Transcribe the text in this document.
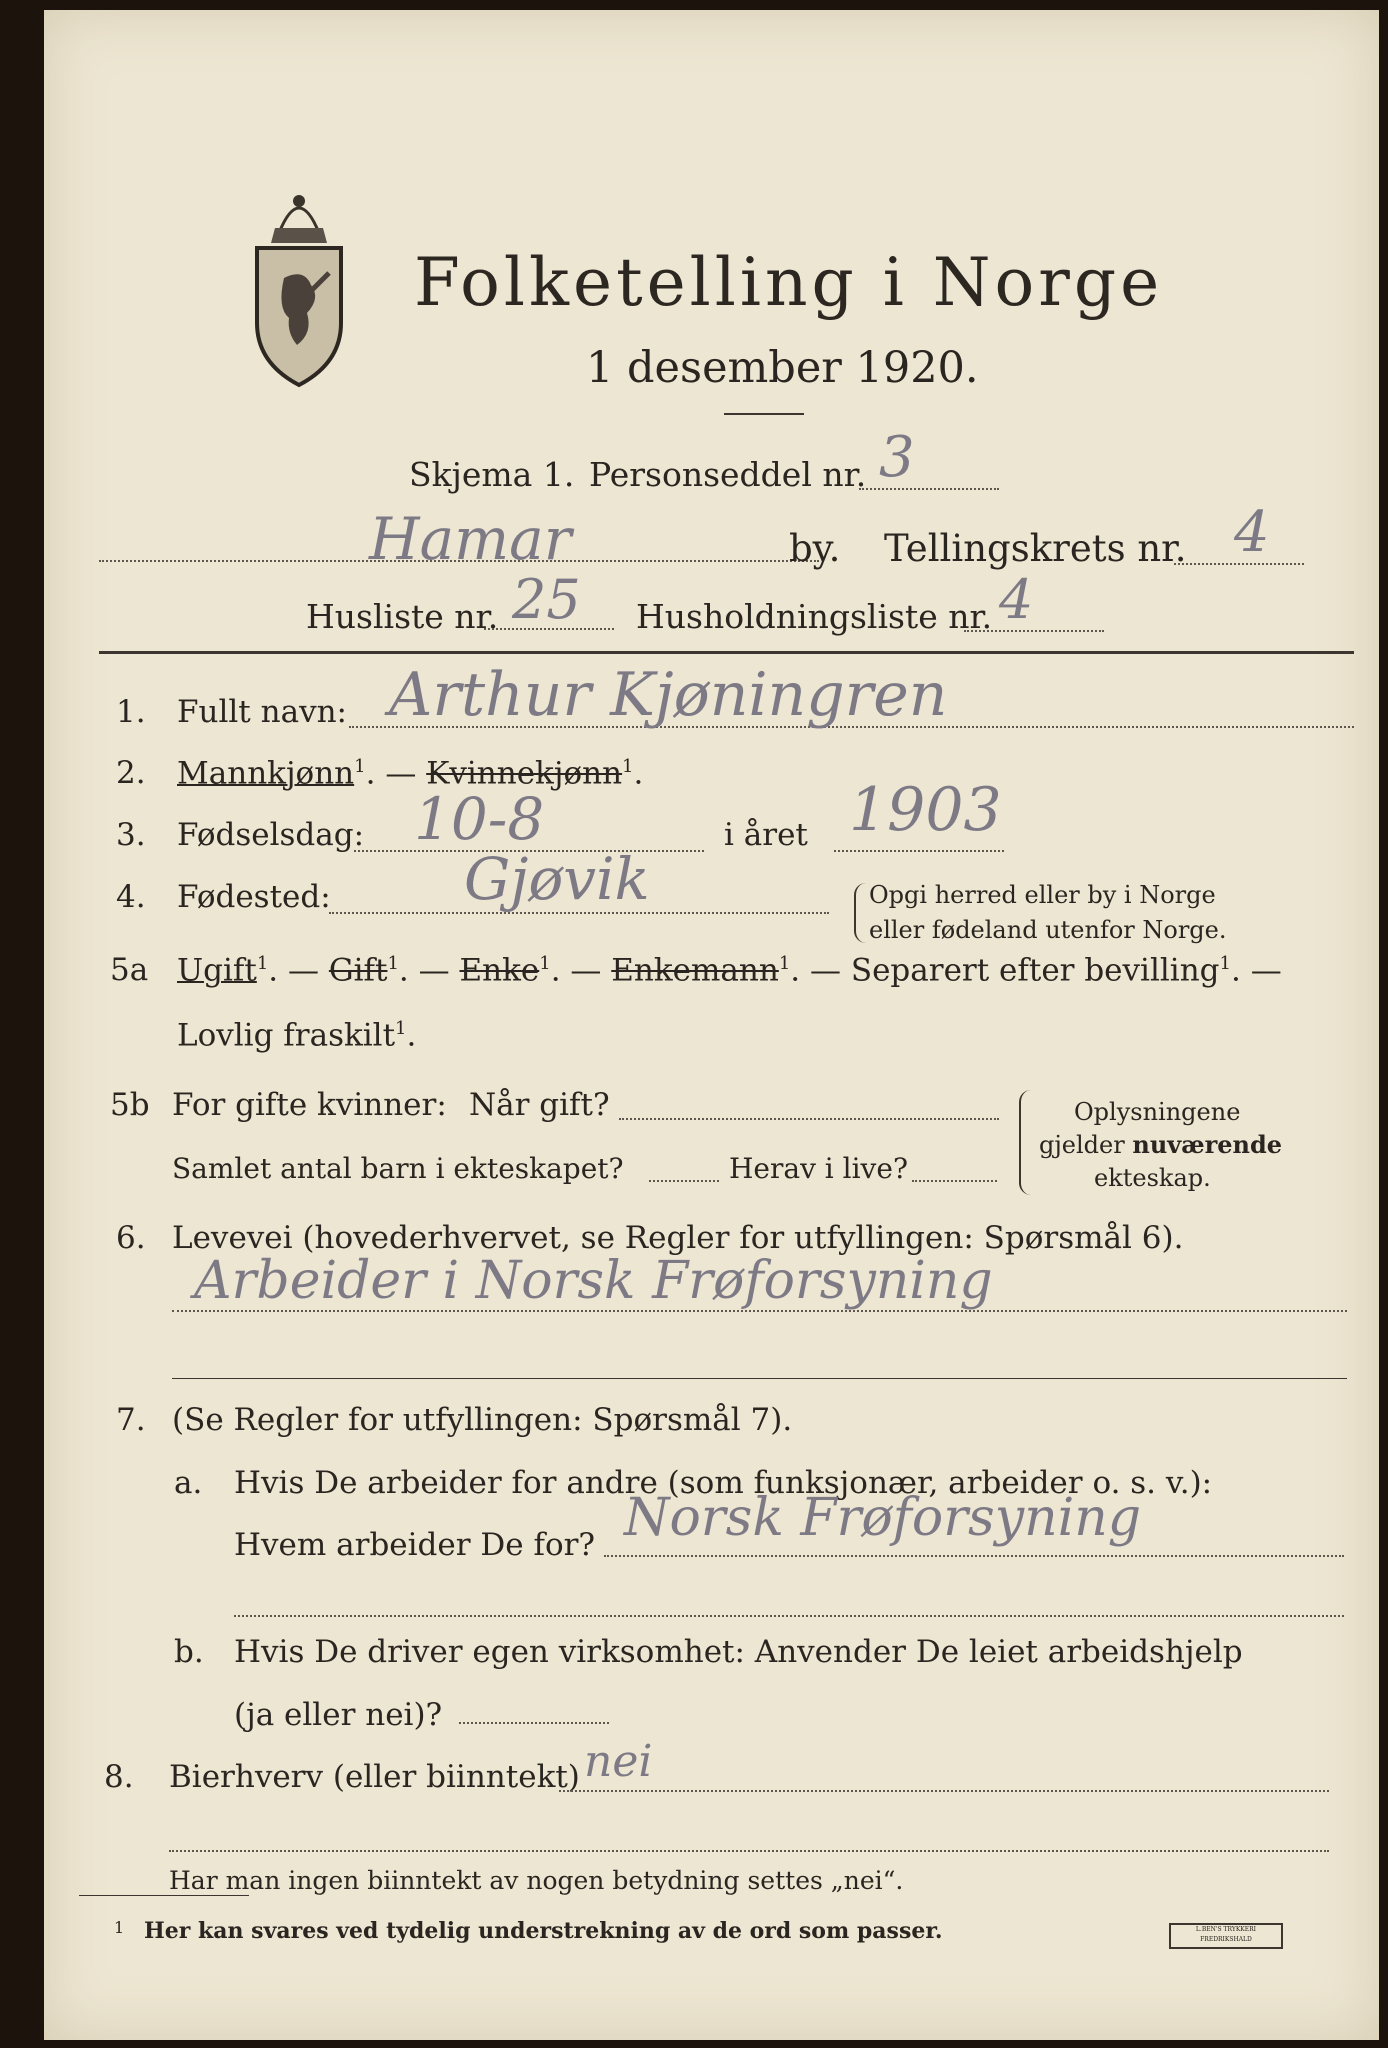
Folketelling i Norge
1 desember 1920.
Skjema 1. Personseddel nr. 3
Hamar	by. Tellingskrets nr. 4
Husliste nr. 25 Husholdningsliste nr. 4
1. Fullt navn: Arthur Kjøningren
2. Mannkjønn$^1$. — Kvinnekjønn$^1$.
3. Fødselsdag: 10-8	i året 1903
4. Fødested: Gjøvik	Opgi herred eller by i Norge
eller fødeland utenfor Norge.
5a Ugift$^1$. — Gift$^1$. — Enke$^1$. — Enkemann$^1$. — Separert efter bevilling$^1$. —
Lovlig fraskilt$^1$.
5b For gifte kvinner: Når gift?
Samlet antal barn i ekteskapet?	Herav i live?
Oplysningene
gjelder nuværende
ekteskap.
6. Levevei (hovederhvervet, se Regler for utfyllingen: Spørsmål 6).
Arbeider i Norsk Frøforsyning
7. (Se Regler for utfyllingen: Spørsmål 7).
a. Hvis De arbeider for andre (som funksjonær, arbeider o. s. v.):
Hvem arbeider De for? Norsk Frøforsyning
b. Hvis De driver egen virksomhet: Anvender De leiet arbeidshjelp
(ja eller nei)?
8. Bierhverv (eller biinntekt) nei
Har man ingen biinntekt av nogen betydning settes „nei“.
1 Her kan svares ved tydelig understrekning av de ord som passer.	L.BEN'S TRYKKERI FREDRIKSHALD
